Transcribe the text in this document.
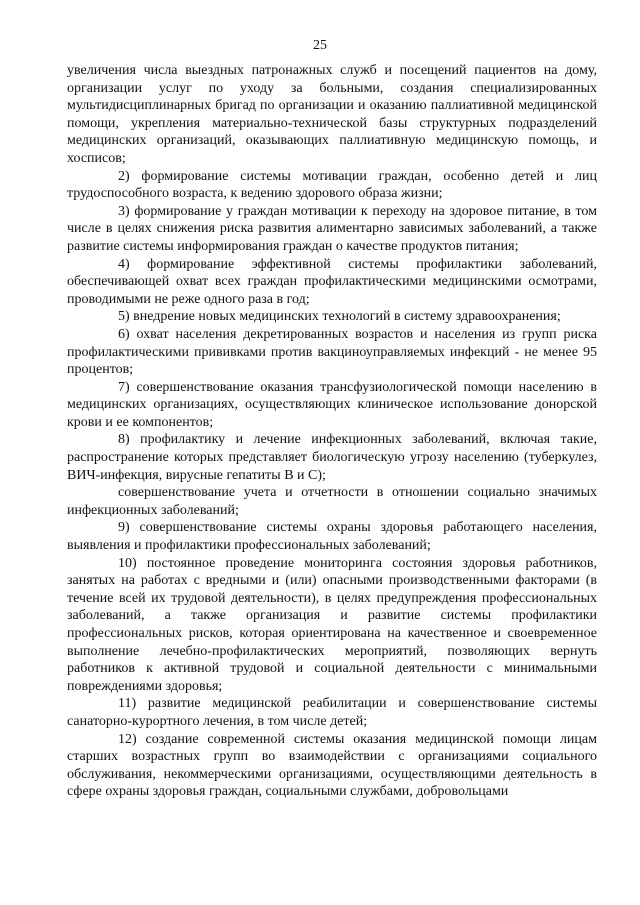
25

увеличения числа выездных патронажных служб и посещений пациентов на дому, организации услуг по уходу за больными, создания специализированных мультидисциплинарных бригад по организации и оказанию паллиативной медицинской помощи, укрепления материально-технической базы структурных подразделений медицинских организаций, оказывающих паллиативную медицинскую помощь, и хосписов;

2) формирование системы мотивации граждан, особенно детей и лиц трудоспособного возраста, к ведению здорового образа жизни;

3) формирование у граждан мотивации к переходу на здоровое питание, в том числе в целях снижения риска развития алиментарно зависимых заболеваний, а также развитие системы информирования граждан о качестве продуктов питания;

4) формирование эффективной системы профилактики заболеваний, обеспечивающей охват всех граждан профилактическими медицинскими осмотрами, проводимыми не реже одного раза в год;

5) внедрение новых медицинских технологий в систему здравоохранения;

6) охват населения декретированных возрастов и населения из групп риска профилактическими прививками против вакциноуправляемых инфекций - не менее 95 процентов;

7) совершенствование оказания трансфузиологической помощи населению в медицинских организациях, осуществляющих клиническое использование донорской крови и ее компонентов;

8) профилактику и лечение инфекционных заболеваний, включая такие, распространение которых представляет биологическую угрозу населению (туберкулез, ВИЧ-инфекция, вирусные гепатиты В и С);

совершенствование учета и отчетности в отношении социально значимых инфекционных заболеваний;

9) совершенствование системы охраны здоровья работающего населения, выявления и профилактики профессиональных заболеваний;

10) постоянное проведение мониторинга состояния здоровья работников, занятых на работах с вредными и (или) опасными производственными факторами (в течение всей их трудовой деятельности), в целях предупреждения профессиональных заболеваний, а также организация и развитие системы профилактики профессиональных рисков, которая ориентирована на качественное и своевременное выполнение лечебно-профилактических мероприятий, позволяющих вернуть работников к активной трудовой и социальной деятельности с минимальными повреждениями здоровья;

11) развитие медицинской реабилитации и совершенствование системы санаторно-курортного лечения, в том числе детей;

12) создание современной системы оказания медицинской помощи лицам старших возрастных групп во взаимодействии с организациями социального обслуживания, некоммерческими организациями, осуществляющими деятельность в сфере охраны здоровья граждан, социальными службами, добровольцами
